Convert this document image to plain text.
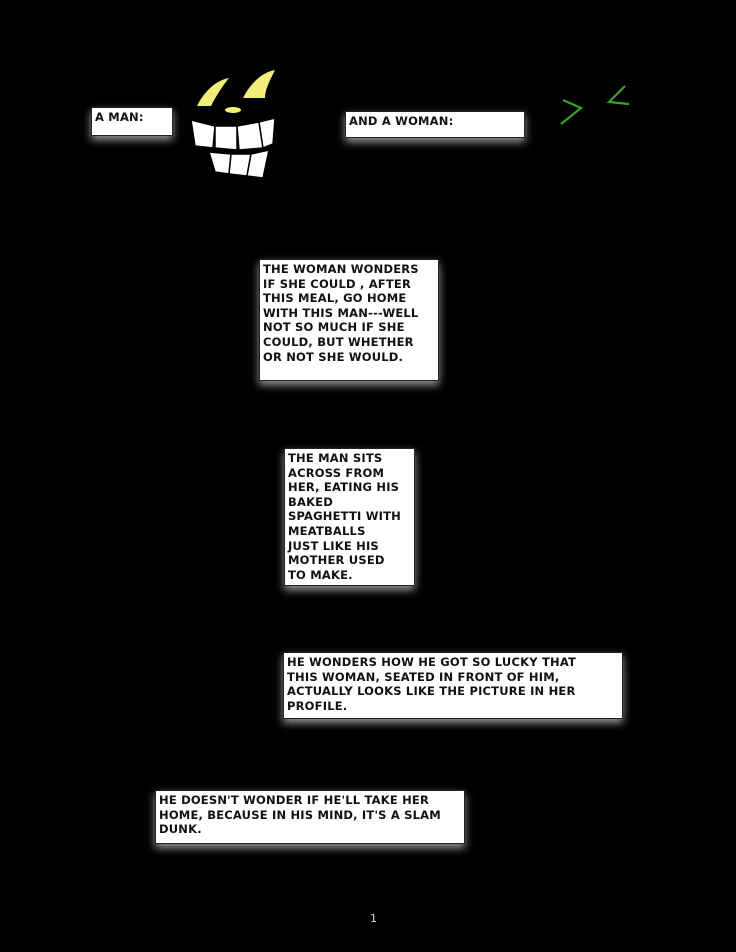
A MAN:	AND A WOMAN:
THE WOMAN WONDERS
IF SHE COULD , AFTER
THIS MEAL, GO HOME
WITH THIS MAN---WELL
NOT SO MUCH IF SHE
COULD, BUT WHETHER
OR NOT SHE WOULD.
THE MAN SITS
ACROSS FROM
HER, EATING HIS
BAKED
SPAGHETTI WITH
MEATBALLS
JUST LIKE HIS
MOTHER USED
TO MAKE.
HE WONDERS HOW HE GOT SO LUCKY THAT
THIS WOMAN, SEATED IN FRONT OF HIM,
ACTUALLY LOOKS LIKE THE PICTURE IN HER
PROFILE.
HE DOESN'T WONDER IF HE'LL TAKE HER
HOME, BECAUSE IN HIS MIND, IT'S A SLAM
DUNK.
1
